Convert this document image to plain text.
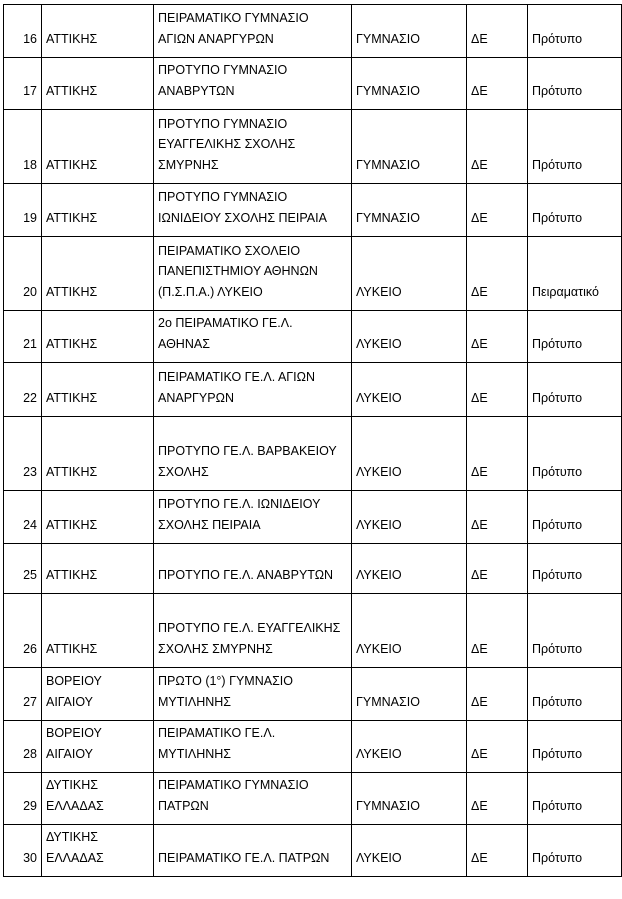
16	ΑΤΤΙΚΗΣ	ΠΕΙΡΑΜΑΤΙΚΟ ΓΥΜΝΑΣΙΟ
ΑΓΙΩΝ ΑΝΑΡΓΥΡΩΝ	ΓΥΜΝΑΣΙΟ	ΔΕ	Πρότυπο
17	ΑΤΤΙΚΗΣ	ΠΡΟΤΥΠΟ ΓΥΜΝΑΣΙΟ
ΑΝΑΒΡΥΤΩΝ	ΓΥΜΝΑΣΙΟ	ΔΕ	Πρότυπο
18	ΑΤΤΙΚΗΣ	ΠΡΟΤΥΠΟ ΓΥΜΝΑΣΙΟ
ΕΥΑΓΓΕΛΙΚΗΣ ΣΧΟΛΗΣ
ΣΜΥΡΝΗΣ	ΓΥΜΝΑΣΙΟ	ΔΕ	Πρότυπο
19	ΑΤΤΙΚΗΣ	ΠΡΟΤΥΠΟ ΓΥΜΝΑΣΙΟ
ΙΩΝΙΔΕΙΟΥ ΣΧΟΛΗΣ ΠΕΙΡΑΙΑ	ΓΥΜΝΑΣΙΟ	ΔΕ	Πρότυπο
20	ΑΤΤΙΚΗΣ	ΠΕΙΡΑΜΑΤΙΚΟ ΣΧΟΛΕΙΟ
ΠΑΝΕΠΙΣΤΗΜΙΟΥ ΑΘΗΝΩΝ
(Π.Σ.Π.Α.) ΛΥΚΕΙΟ	ΛΥΚΕΙΟ	ΔΕ	Πειραματικό
21	ΑΤΤΙΚΗΣ	2ο ΠΕΙΡΑΜΑΤΙΚΟ ΓΕ.Λ.
ΑΘΗΝΑΣ	ΛΥΚΕΙΟ	ΔΕ	Πρότυπο
22	ΑΤΤΙΚΗΣ	ΠΕΙΡΑΜΑΤΙΚΟ ΓΕ.Λ. ΑΓΙΩΝ
ΑΝΑΡΓΥΡΩΝ	ΛΥΚΕΙΟ	ΔΕ	Πρότυπο
23	ΑΤΤΙΚΗΣ	ΠΡΟΤΥΠΟ ΓΕ.Λ. ΒΑΡΒΑΚΕΙΟΥ
ΣΧΟΛΗΣ	ΛΥΚΕΙΟ	ΔΕ	Πρότυπο
24	ΑΤΤΙΚΗΣ	ΠΡΟΤΥΠΟ ΓΕ.Λ. ΙΩΝΙΔΕΙΟΥ
ΣΧΟΛΗΣ ΠΕΙΡΑΙΑ	ΛΥΚΕΙΟ	ΔΕ	Πρότυπο
25	ΑΤΤΙΚΗΣ	ΠΡΟΤΥΠΟ ΓΕ.Λ. ΑΝΑΒΡΥΤΩΝ	ΛΥΚΕΙΟ	ΔΕ	Πρότυπο
26	ΑΤΤΙΚΗΣ	ΠΡΟΤΥΠΟ ΓΕ.Λ. ΕΥΑΓΓΕΛΙΚΗΣ
ΣΧΟΛΗΣ ΣΜΥΡΝΗΣ	ΛΥΚΕΙΟ	ΔΕ	Πρότυπο
27	ΒΟΡΕΙΟΥ
ΑΙΓΑΙΟΥ	ΠΡΩΤΟ (1°) ΓΥΜΝΑΣΙΟ
ΜΥΤΙΛΗΝΗΣ	ΓΥΜΝΑΣΙΟ	ΔΕ	Πρότυπο
28	ΒΟΡΕΙΟΥ
ΑΙΓΑΙΟΥ	ΠΕΙΡΑΜΑΤΙΚΟ ΓΕ.Λ.
ΜΥΤΙΛΗΝΗΣ	ΛΥΚΕΙΟ	ΔΕ	Πρότυπο
29	ΔΥΤΙΚΗΣ
ΕΛΛΑΔΑΣ	ΠΕΙΡΑΜΑΤΙΚΟ ΓΥΜΝΑΣΙΟ
ΠΑΤΡΩΝ	ΓΥΜΝΑΣΙΟ	ΔΕ	Πρότυπο
30	ΔΥΤΙΚΗΣ
ΕΛΛΑΔΑΣ	ΠΕΙΡΑΜΑΤΙΚΟ ΓΕ.Λ. ΠΑΤΡΩΝ	ΛΥΚΕΙΟ	ΔΕ	Πρότυπο
